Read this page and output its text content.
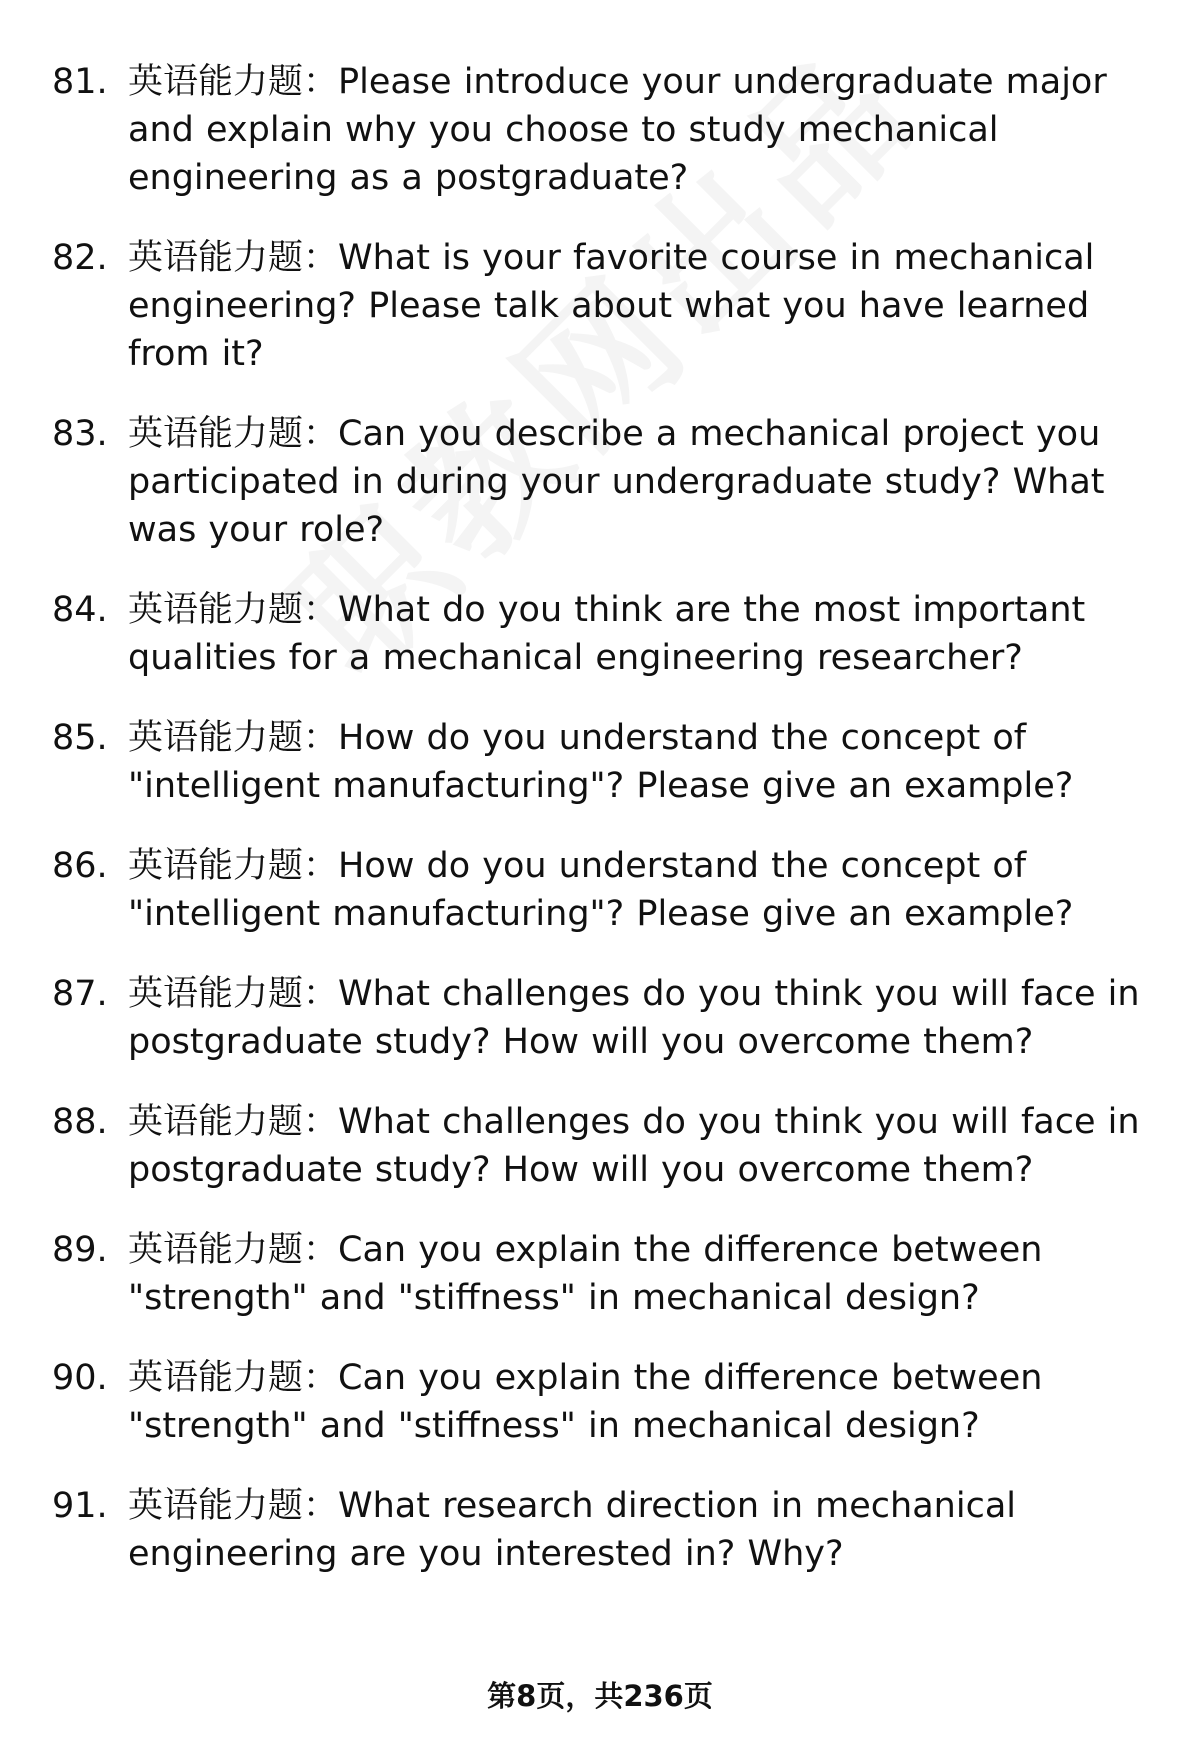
81. 英语能力题：Please introduce your undergraduate major and explain why you choose to study mechanical engineering as a postgraduate?
82. 英语能力题：What is your favorite course in mechanical engineering? Please talk about what you have learned from it?
83. 英语能力题：Can you describe a mechanical project you participated in during your undergraduate study? What was your role?
84. 英语能力题：What do you think are the most important qualities for a mechanical engineering researcher?
85. 英语能力题：How do you understand the concept of "intelligent manufacturing"? Please give an example?
86. 英语能力题：How do you understand the concept of "intelligent manufacturing"? Please give an example?
87. 英语能力题：What challenges do you think you will face in postgraduate study? How will you overcome them?
88. 英语能力题：What challenges do you think you will face in postgraduate study? How will you overcome them?
89. 英语能力题：Can you explain the difference between "strength" and "stiffness" in mechanical design?
90. 英语能力题：Can you explain the difference between "strength" and "stiffness" in mechanical design?
91. 英语能力题：What research direction in mechanical engineering are you interested in? Why?
第8页，共236页
